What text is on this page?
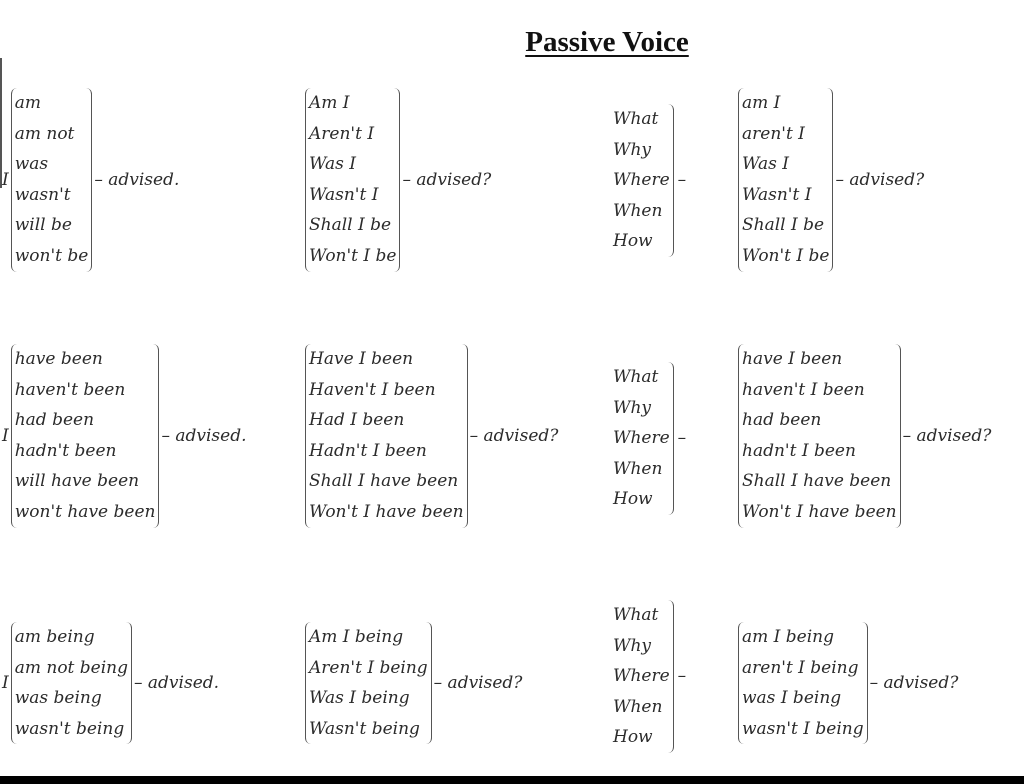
Passive Voice
I
am
am not
was
wasn't
will be
won't be
– advised.
Am I
Aren't I
Was I
Wasn't I
Shall I be
Won't I be
– advised?
What
Why
Where
When
How
–
am I
aren't I
Was I
Wasn't I
Shall I be
Won't I be
– advised?
I
have been
haven't been
had been
hadn't been
will have been
won't have been
– advised.
Have I been
Haven't I been
Had I been
Hadn't I been
Shall I have been
Won't I have been
– advised?
What
Why
Where
When
How
–
have I been
haven't I been
had been
hadn't I been
Shall I have been
Won't I have been
– advised?
I
am being
am not being
was being
wasn't being
– advised.
Am I being
Aren't I being
Was I being
Wasn't being
– advised?
What
Why
Where
When
How
–
am I being
aren't I being
was I being
wasn't I being
– advised?
